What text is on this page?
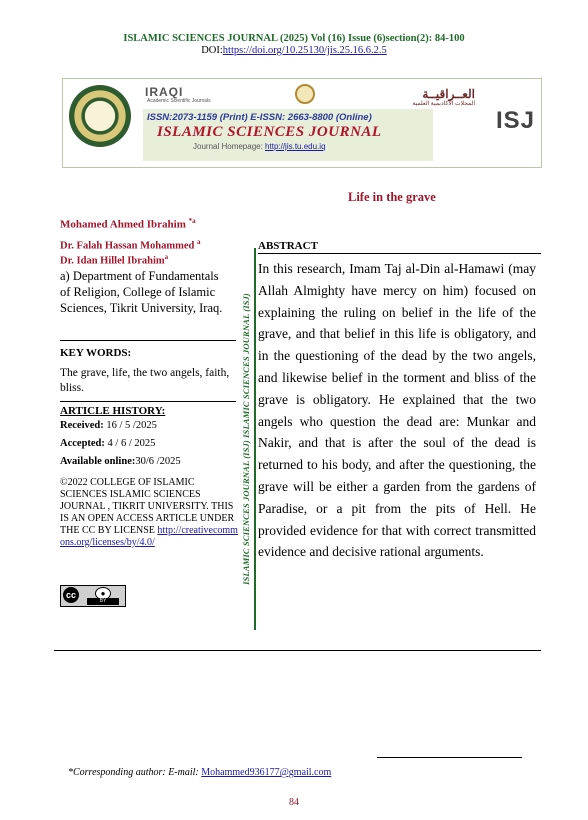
ISLAMIC SCIENCES JOURNAL (2025) Vol (16) Issue (6)section(2): 84-100
DOI:https://doi.org/10.25130/jis.25.16.6.2.5
IRAQI
Academic Scientific Journals	العــراقيــة
المجلات الأكاديمية العلمية
ISSN:2073-1159 (Print) E-ISSN: 2663-8800 (Online)
ISLAMIC SCIENCES JOURNAL
Journal Homepage: http://jis.tu.edu.iq
ISJ
Life in the grave
Mohamed Ahmed Ibrahim $^{*a}$
Dr. Falah Hassan Mohammed $^a$
Dr. Idan Hillel Ibrahim$^a$
a) Department of Fundamentals of Religion, College of Islamic Sciences, Tikrit University, Iraq.
KEY WORDS:
The grave, life, the two angels, faith, bliss.
ARTICLE HISTORY:
Received: 16 / 5 /2025
Accepted: 4 / 6 / 2025
Available online:30/6 /2025
©2022 COLLEGE OF ISLAMIC SCIENCES ISLAMIC SCIENCES JOURNAL , TIKRIT UNIVERSITY. THIS IS AN OPEN ACCESS ARTICLE UNDER THE CC BY LICENSE http://creativecommons.org/licenses/by/4.0/
cc	●
BY
ISLAMIC SCIENCES JOURNAL (ISJ) ISLAMIC SCIENCES JOURNAL (ISJ)
ABSTRACT
In this research, Imam Taj al-Din al-Hamawi (may Allah Almighty have mercy on him) focused on explaining the ruling on belief in the life of the grave, and that belief in this life is obligatory, and in the questioning of the dead by the two angels, and likewise belief in the torment and bliss of the grave is obligatory. He explained that the two angels who question the dead are: Munkar and Nakir, and that is after the soul of the dead is returned to his body, and after the questioning, the grave will be either a garden from the gardens of Paradise, or a pit from the pits of Hell. He provided evidence for that with correct transmitted evidence and decisive rational arguments.
*Corresponding author: E-mail: Mohammed936177@gmail.com
84
